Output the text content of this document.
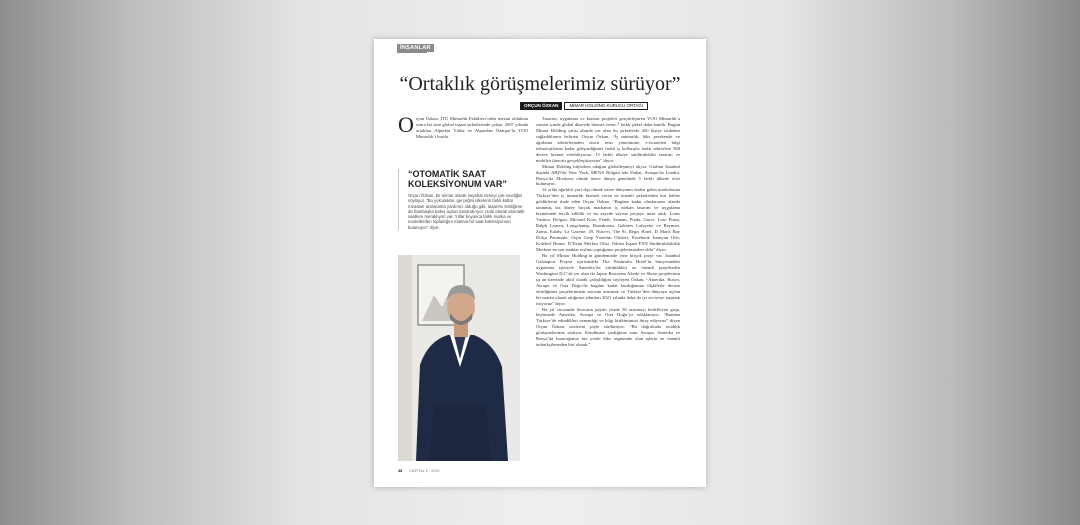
İNSANLAR
“Ortaklık görüşmelerimiz sürüyor”
ORÇUN ÖZKAN	MİMAR HOLDİNG KURUCU ORTAĞI
O rçun Özkan, İTÜ Mimarlık Fakültesi’nden mezun olduktan sonra bir süre global inşaat şirketlerinde çalıştı. 2007 yılında ortakları Alptekin Yıldız ve Alparslan Özarpat’la YOO Mimarlık’ı kurdu.
“OTOMATİK SAAT
KOLEKSİYONUM VAR”
Orçun Özkan, bir mimar olarak seyahat etmeyi çok sevdiğini söylüyor. “Bu yolculuklar, gerçeğini ülkelerin farklı kültür mirasları anlamama yardımcı olduğu gibi, tasarımı kimliğime de bambaşka bakış açıları kazandırıyor. Hobi olarak otomatik saatlere meraklıyım var. Yıllar boyunca farklı marka ve modellerden topladığım müteva bir saat koleksiyonum bulunuyor” diyor.

Tasarım, uygulama ve kontrat projeleri gerçekleştiren YOO Mimarlık’a zaman içinde global düzeyde hizmet veren 7 farklı şirket daha katıldı. Bugün Mimar Holding çatısı altında yer alan bu şirketlerde 450 kişiye istihdam sağladıklarını belirten Orçun Özkan, “İç mimarlık, lüks perakende ve ağırlama sektörlerinden zincir tesis yönetimine, e-ticaretten bilgi teknolojilerine kadar geliştirdiğimiz farklı iş kollarıyla farklı sektörlere 360 derece hizmet verebiliyoruz. 15 farklı ülkeye sürdürülebilir tasarım ve mobilya ihracatı gerçekleştiriyoruz” diyor.

Mimar Holding büyürken odağını globalleşmeyi alıyor. Grubun İstanbul dışında ABD’de New York, MENA Bölgesi’nde Dubai, Avrupa’da Londra, Rusya’da Moskova olmak üzere dünya genelinde 5 farklı ülkede ofisi bulunuyor.

14 yılda ağırlıklı yurt dışı olmak üzere dünyanın önden gelen markalarına Türkiye’den iç mimarlık hizmeti veren en önemli şirketlerden biri haline geldiklerini ifade eden Orçun Özkan, “Bugüne kadar uluslararası alanda tanınmış üst düzey birçok markanın iç mekan tasarım ve uygulama hizmetinde tercih edildik ve bu sayede sayısız projeye imza attık. Louis Vuitton, Bvlgari, Michael Kors, Fendi, Armani, Prada, Gucci, Loro Piana, Ralph Lauren, Longchamp, Brandroom, Galeries Lafayette ve Beymen, Zuma, Eataly, La Gazette, 29, Nusr-et, The St. Regis Hotel, D Maris Bay Dolça Peninsula, Orjin Grup Yönetim Ofisleri, Facebook İstanyon Ofis, Kolektif House, D’Exim Merkez Ofisi, Tekfen İnşaat FXN Sürdürülebilirlik Merkezi en son anahtar teslimi yaptığımız projelerimizden oldu” diyor.

Bu yıl Mimar Holding’in gündeminde yine birçok proje var. İstanbul Galataport Projesi içerisindeki The Peninsula Hotel’in bünyesindeki uygulama işleriyle Amerika’da yürüttükleri en önemli projelerden Washington D.C’de yer alan iki Japon Restoranı Akedo ve Shoto projelerinin şu an üzerinde aktif olarak çalışıldığını söyleyen Özkan, “Amerika, Rusya, Avrupa ve Orta Doğu’da bugüne kadar kurduğumuz ilişkilerle devam ettirdiğimiz projelerimizin sayısını artırmak ve Türkiye’den dünyaya açılan bir marka olarak attığımız adımları 2021 yılında daha da iyi seviyeye taşımak istiyoruz” diyor.

Bu yıl cirosunda ihracatın payını yüzde 50 artırmayı hedefleyen grup, büyümede Amerika, Avrupa ve Orta Doğu’ya odaklanıyor. “Bundan Türkiye’de edindikleri uzmanlığı ve bilgi birikimimizi ihraç ediyoruz” diyen Orçun Özkan, sözlerini şöyle sürdürüyor: “Bu doğrultuda ortaklık görüşmelerimiz sürüyor. Kendimize çizdiğimiz sınır Avrupa, Amerika ve Rusya’da kuracağımız her yerde lüks segmentte olan işlerin en önemli tedarikçilerinden biri olmak.”

38 CAPITAL 5 · 2021
